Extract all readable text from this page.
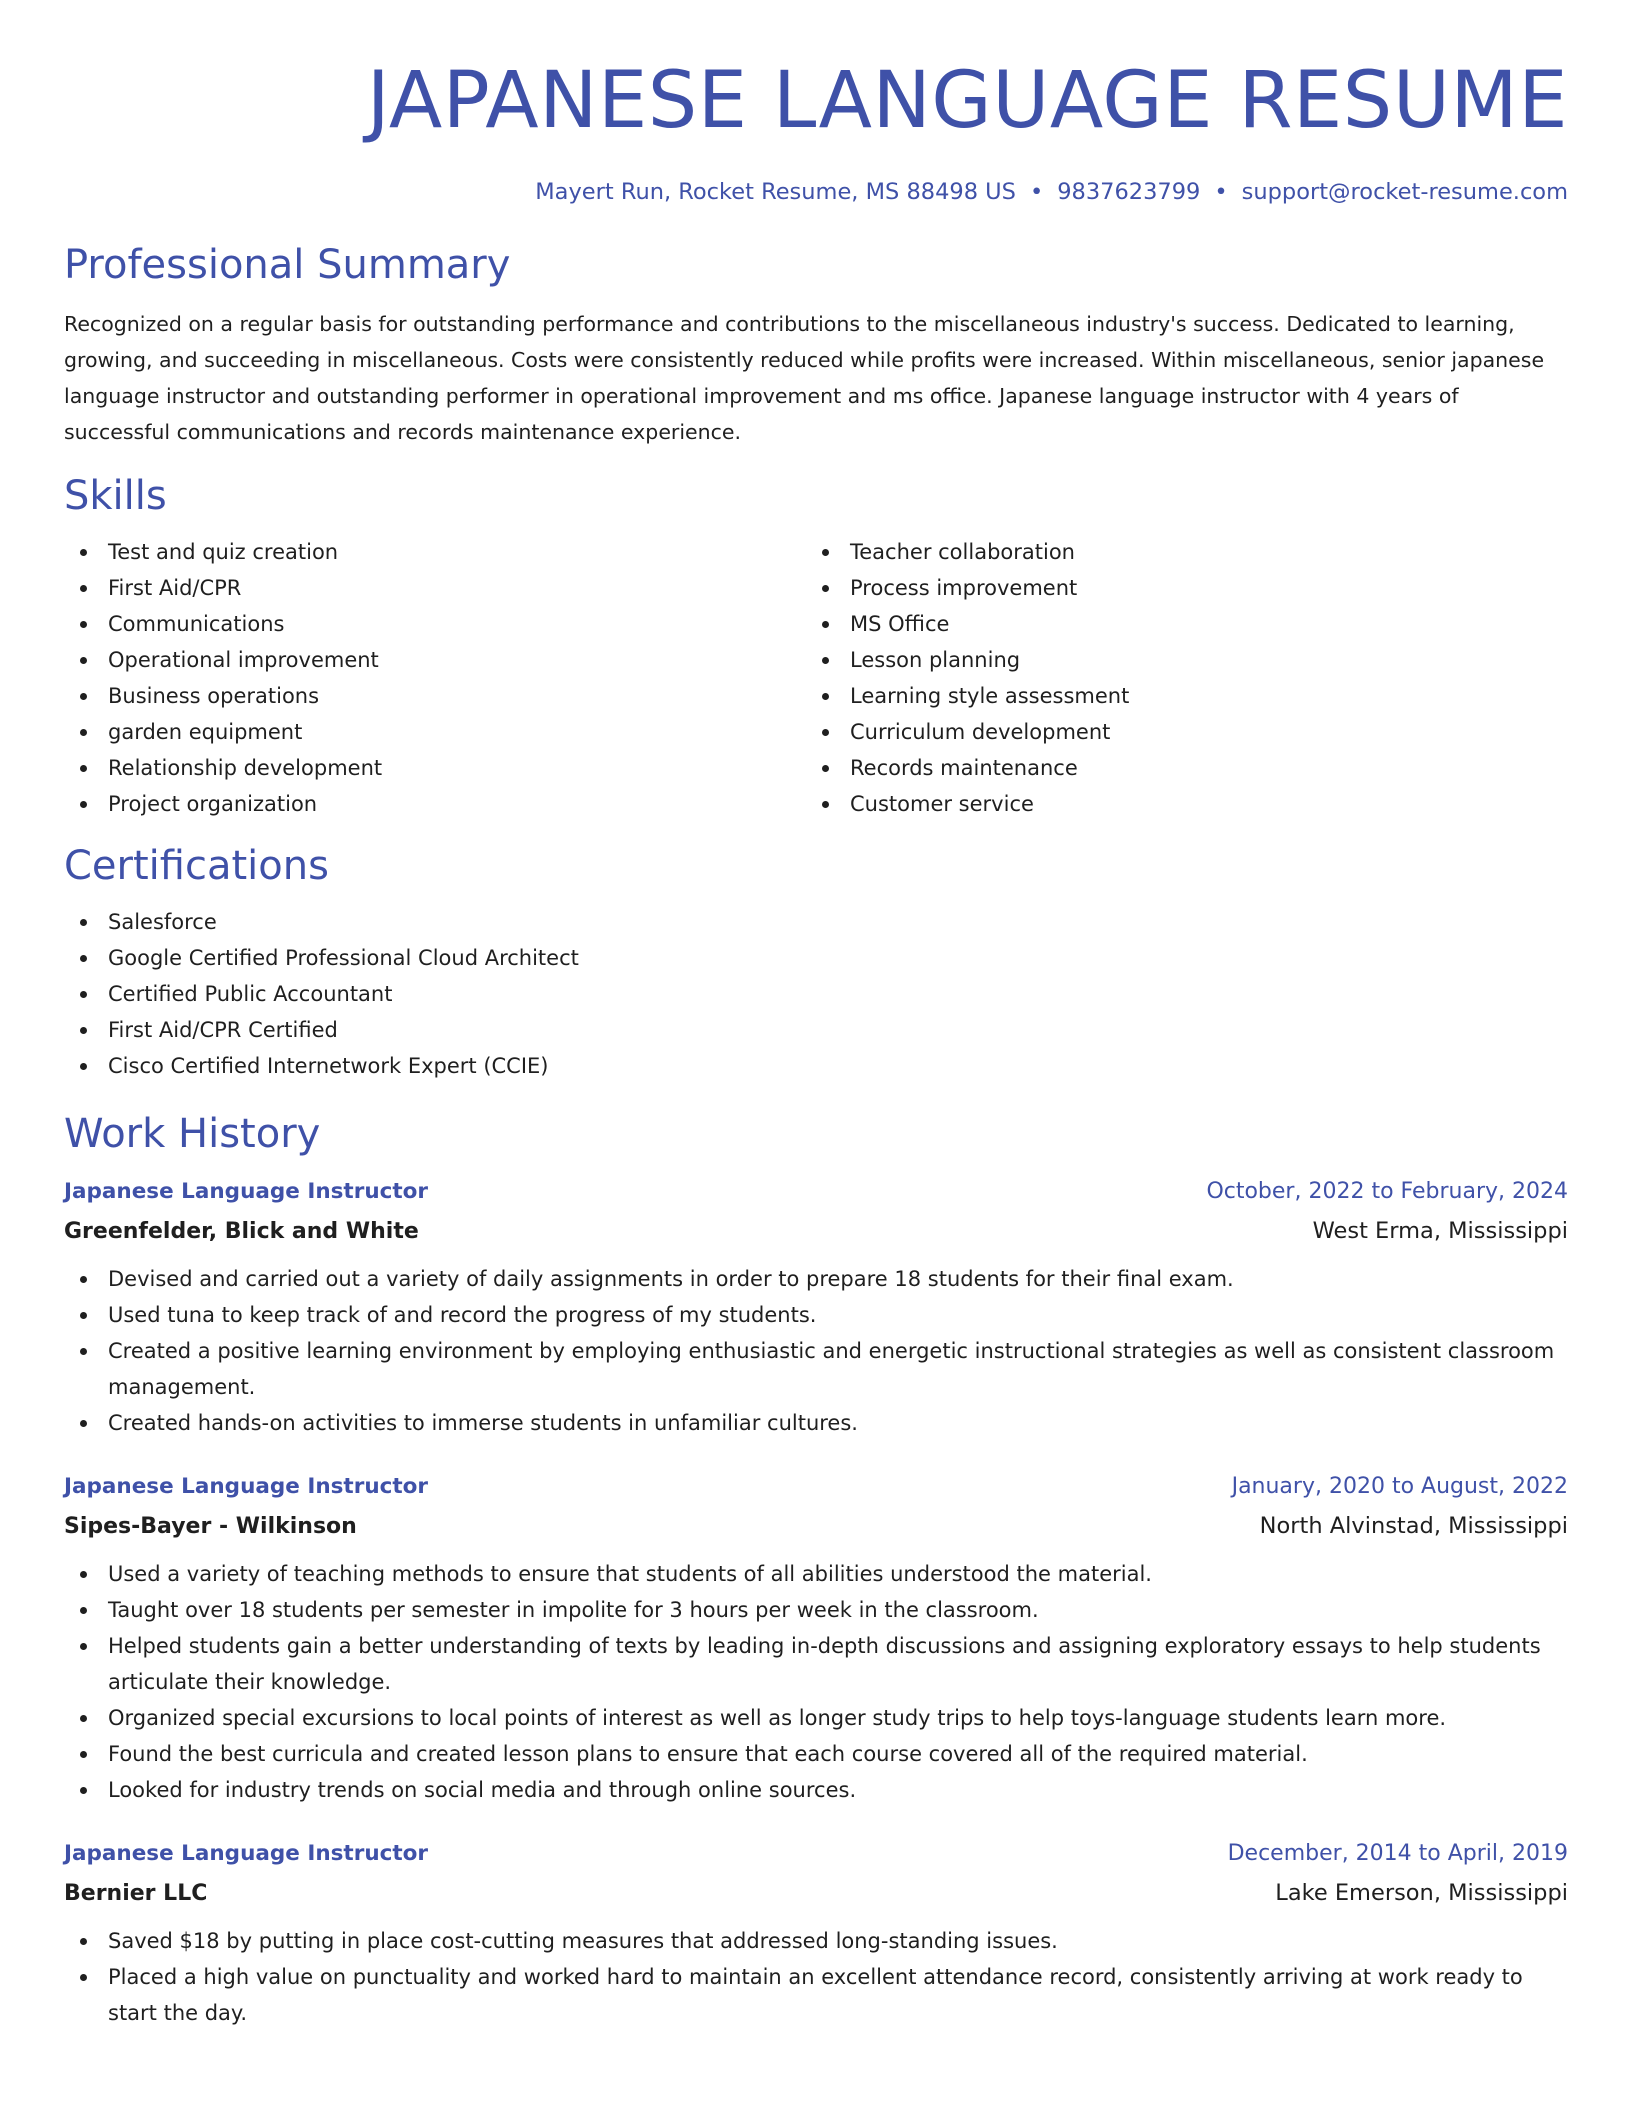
JAPANESE LANGUAGE RESUME
Mayert Run, Rocket Resume, MS 88498 US • 9837623799 • support@rocket-resume.com
Professional Summary

Recognized on a regular basis for outstanding performance and contributions to the miscellaneous industry's success. Dedicated to learning, growing, and succeeding in miscellaneous. Costs were consistently reduced while profits were increased. Within miscellaneous, senior japanese language instructor and outstanding performer in operational improvement and ms office. Japanese language instructor with 4 years of successful communications and records maintenance experience.

Skills
Test and quiz creation
First Aid/CPR
Communications
Operational improvement
Business operations
garden equipment
Relationship development
Project organization
Teacher collaboration
Process improvement
MS Office
Lesson planning
Learning style assessment
Curriculum development
Records maintenance
Customer service
Certifications
Salesforce
Google Certified Professional Cloud Architect
Certified Public Accountant
First Aid/CPR Certified
Cisco Certified Internetwork Expert (CCIE)
Work History
Japanese Language Instructor	October, 2022 to February, 2024
Greenfelder, Blick and White	West Erma, Mississippi
Devised and carried out a variety of daily assignments in order to prepare 18 students for their final exam.
Used tuna to keep track of and record the progress of my students.
Created a positive learning environment by employing enthusiastic and energetic instructional strategies as well as consistent classroom management.
Created hands-on activities to immerse students in unfamiliar cultures.
Japanese Language Instructor	January, 2020 to August, 2022
Sipes-Bayer - Wilkinson	North Alvinstad, Mississippi
Used a variety of teaching methods to ensure that students of all abilities understood the material.
Taught over 18 students per semester in impolite for 3 hours per week in the classroom.
Helped students gain a better understanding of texts by leading in-depth discussions and assigning exploratory essays to help students articulate their knowledge.
Organized special excursions to local points of interest as well as longer study trips to help toys-language students learn more.
Found the best curricula and created lesson plans to ensure that each course covered all of the required material.
Looked for industry trends on social media and through online sources.
Japanese Language Instructor	December, 2014 to April, 2019
Bernier LLC	Lake Emerson, Mississippi
Saved $18 by putting in place cost-cutting measures that addressed long-standing issues.
Placed a high value on punctuality and worked hard to maintain an excellent attendance record, consistently arriving at work ready to start the day.
